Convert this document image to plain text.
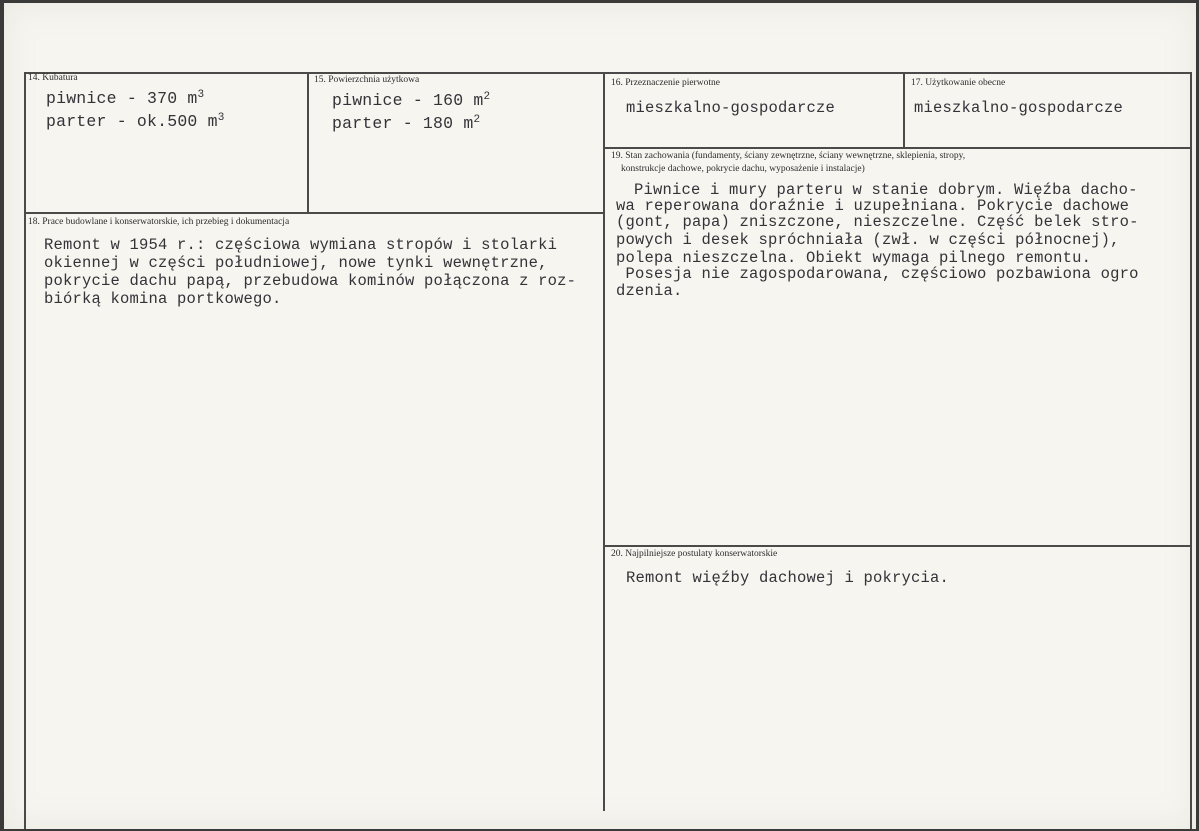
14. Kubatura
piwnice - 370 $m^3$
parter - ok.500 $m^3$
15. Powierzchnia użytkowa
piwnice - 160 $m^2$
parter - 180 $m^2$
16. Przeznaczenie pierwotne
mieszkalno-gospodarcze
17. Użytkowanie obecne
mieszkalno-gospodarcze
18. Prace budowlane i konserwatorskie, ich przebieg i dokumentacja
Remont w 1954 r.: częściowa wymiana stropów i stolarki
okiennej w części południowej, nowe tynki wewnętrzne,
pokrycie dachu papą, przebudowa kominów połączona z roz-
biórką komina portkowego.
19. Stan zachowania (fundamenty, ściany zewnętrzne, ściany wewnętrzne, sklepienia, stropy,
konstrukcje dachowe, pokrycie dachu, wyposażenie i instalacje)
Piwnice i mury parteru w stanie dobrym. Więźba dacho-
wa reperowana doraźnie i uzupełniana. Pokrycie dachowe
(gont, papa) zniszczone, nieszczelne. Część belek stro-
powych i desek spróchniała (zwł. w części północnej),
polepa nieszczelna. Obiekt wymaga pilnego remontu.
Posesja nie zagospodarowana, częściowo pozbawiona ogro
dzenia.
20. Najpilniejsze postulaty konserwatorskie
Remont więźby dachowej i pokrycia.
